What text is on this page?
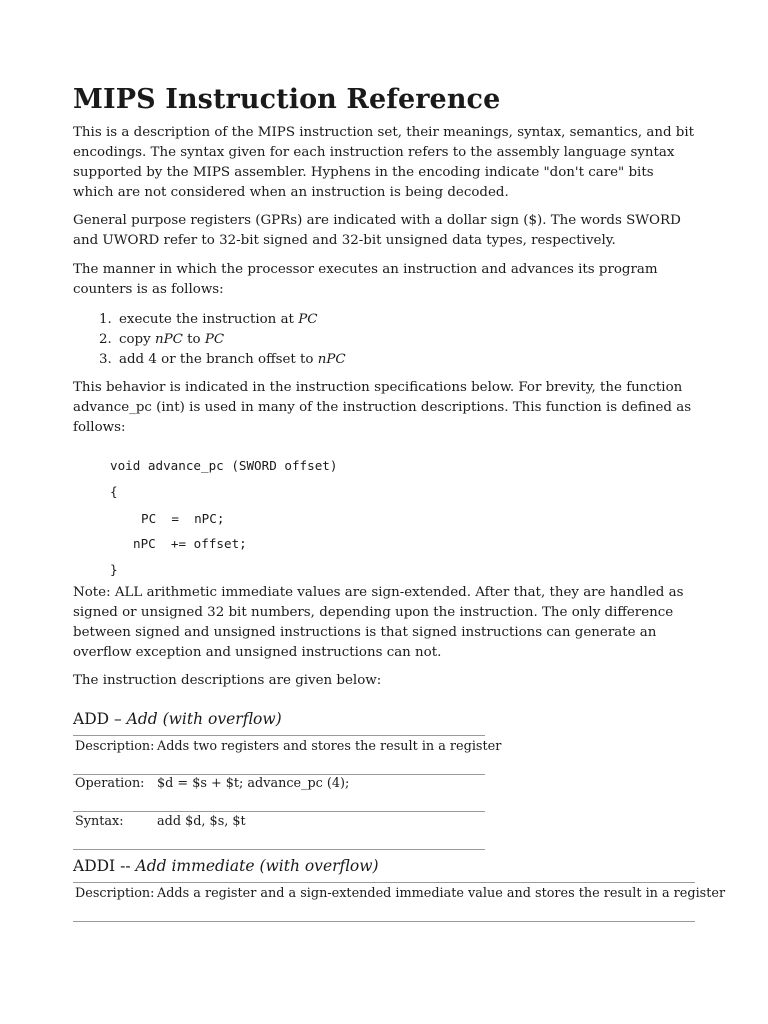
MIPS Instruction Reference

This is a description of the MIPS instruction set, their meanings, syntax, semantics, and bit encodings. The syntax given for each instruction refers to the assembly language syntax supported by the MIPS assembler. Hyphens in the encoding indicate "don't care" bits which are not considered when an instruction is being decoded.

General purpose registers (GPRs) are indicated with a dollar sign ($). The words SWORD and UWORD refer to 32-bit signed and 32-bit unsigned data types, respectively.

The manner in which the processor executes an instruction and advances its program counters is as follows:

1. execute the instruction at PC
2. copy nPC to PC
3. add 4 or the branch offset to nPC

This behavior is indicated in the instruction specifications below. For brevity, the function advance_pc (int) is used in many of the instruction descriptions. This function is defined as follows:

void advance_pc (SWORD offset)
{
PC  =  nPC;
nPC  += offset;
}

Note: ALL arithmetic immediate values are sign-extended. After that, they are handled as signed or unsigned 32 bit numbers, depending upon the instruction. The only difference between signed and unsigned instructions is that signed instructions can generate an overflow exception and unsigned instructions can not.

The instruction descriptions are given below:

ADD – Add (with overflow)
Description: Adds two registers and stores the result in a register
Operation: $d = $s + $t; advance_pc (4);
Syntax:	add $d, $s, $t
ADDI -- Add immediate (with overflow)
Description: Adds a register and a sign-extended immediate value and stores the result in a register
